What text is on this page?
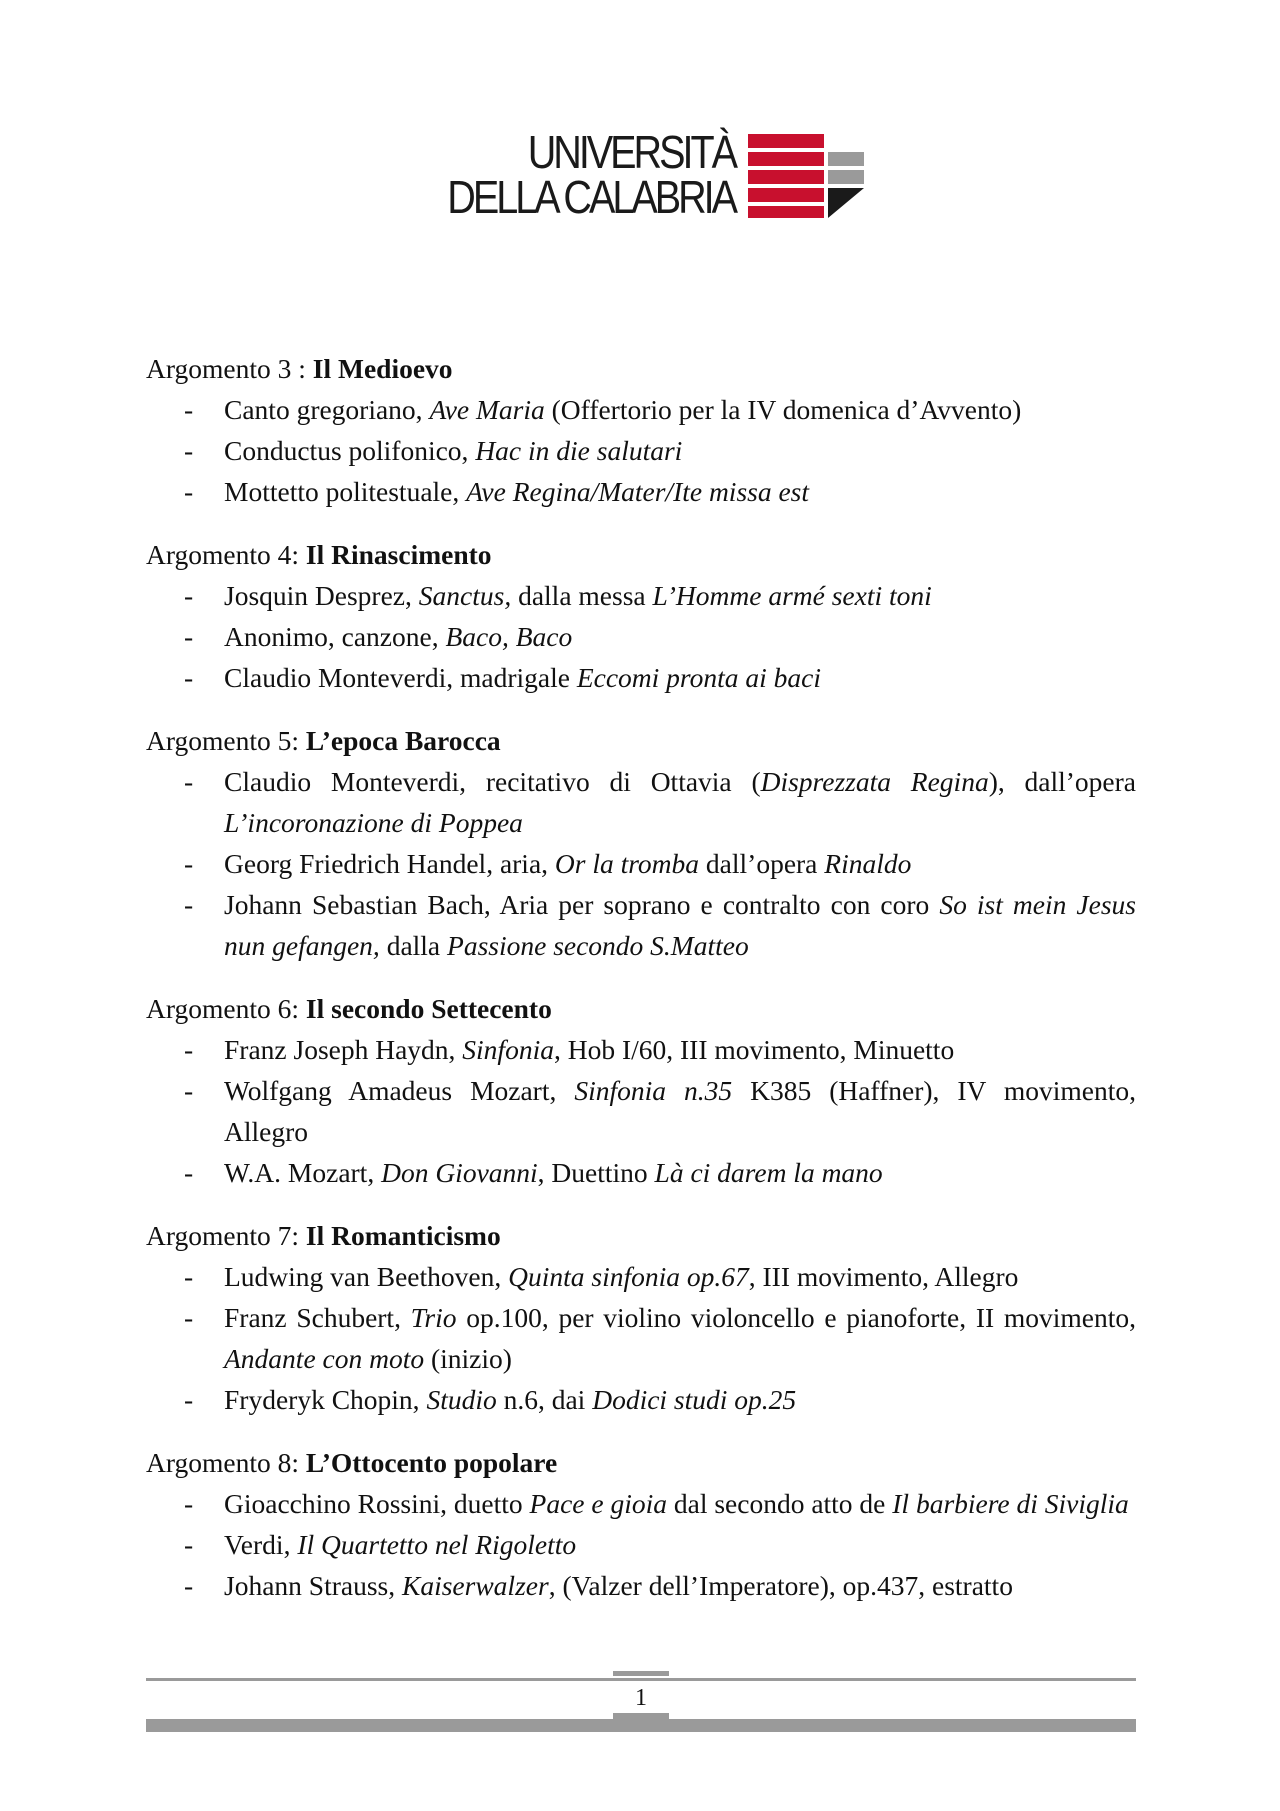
UNIVERSITÀ
DELLA CALABRIA

Argomento 3 : Il Medioevo

- Canto gregoriano, Ave Maria (Offertorio per la IV domenica d’Avvento)
- Conductus polifonico, Hac in die salutari
- Mottetto politestuale, Ave Regina/Mater/Ite missa est

Argomento 4: Il Rinascimento

- Josquin Desprez, Sanctus, dalla messa L’Homme armé sexti toni
- Anonimo, canzone, Baco, Baco
- Claudio Monteverdi, madrigale Eccomi pronta ai baci

Argomento 5: L’epoca Barocca

- Claudio Monteverdi, recitativo di Ottavia (Disprezzata Regina), dall’opera L’incoronazione di Poppea
- Georg Friedrich Handel, aria, Or la tromba dall’opera Rinaldo
- Johann Sebastian Bach, Aria per soprano e contralto con coro So ist mein Jesus nun gefangen, dalla Passione secondo S.Matteo

Argomento 6: Il secondo Settecento

- Franz Joseph Haydn, Sinfonia, Hob I/60, III movimento, Minuetto
- Wolfgang Amadeus Mozart, Sinfonia n.35 K385 (Haffner), IV movimento, Allegro
- W.A. Mozart, Don Giovanni, Duettino Là ci darem la mano

Argomento 7: Il Romanticismo

- Ludwing van Beethoven, Quinta sinfonia op.67, III movimento, Allegro
- Franz Schubert, Trio op.100, per violino violoncello e pianoforte, II movimento, Andante con moto (inizio)
- Fryderyk Chopin, Studio n.6, dai Dodici studi op.25

Argomento 8: L’Ottocento popolare

- Gioacchino Rossini, duetto Pace e gioia dal secondo atto de Il barbiere di Siviglia
- Verdi, Il Quartetto nel Rigoletto
- Johann Strauss, Kaiserwalzer, (Valzer dell’Imperatore), op.437, estratto
1
